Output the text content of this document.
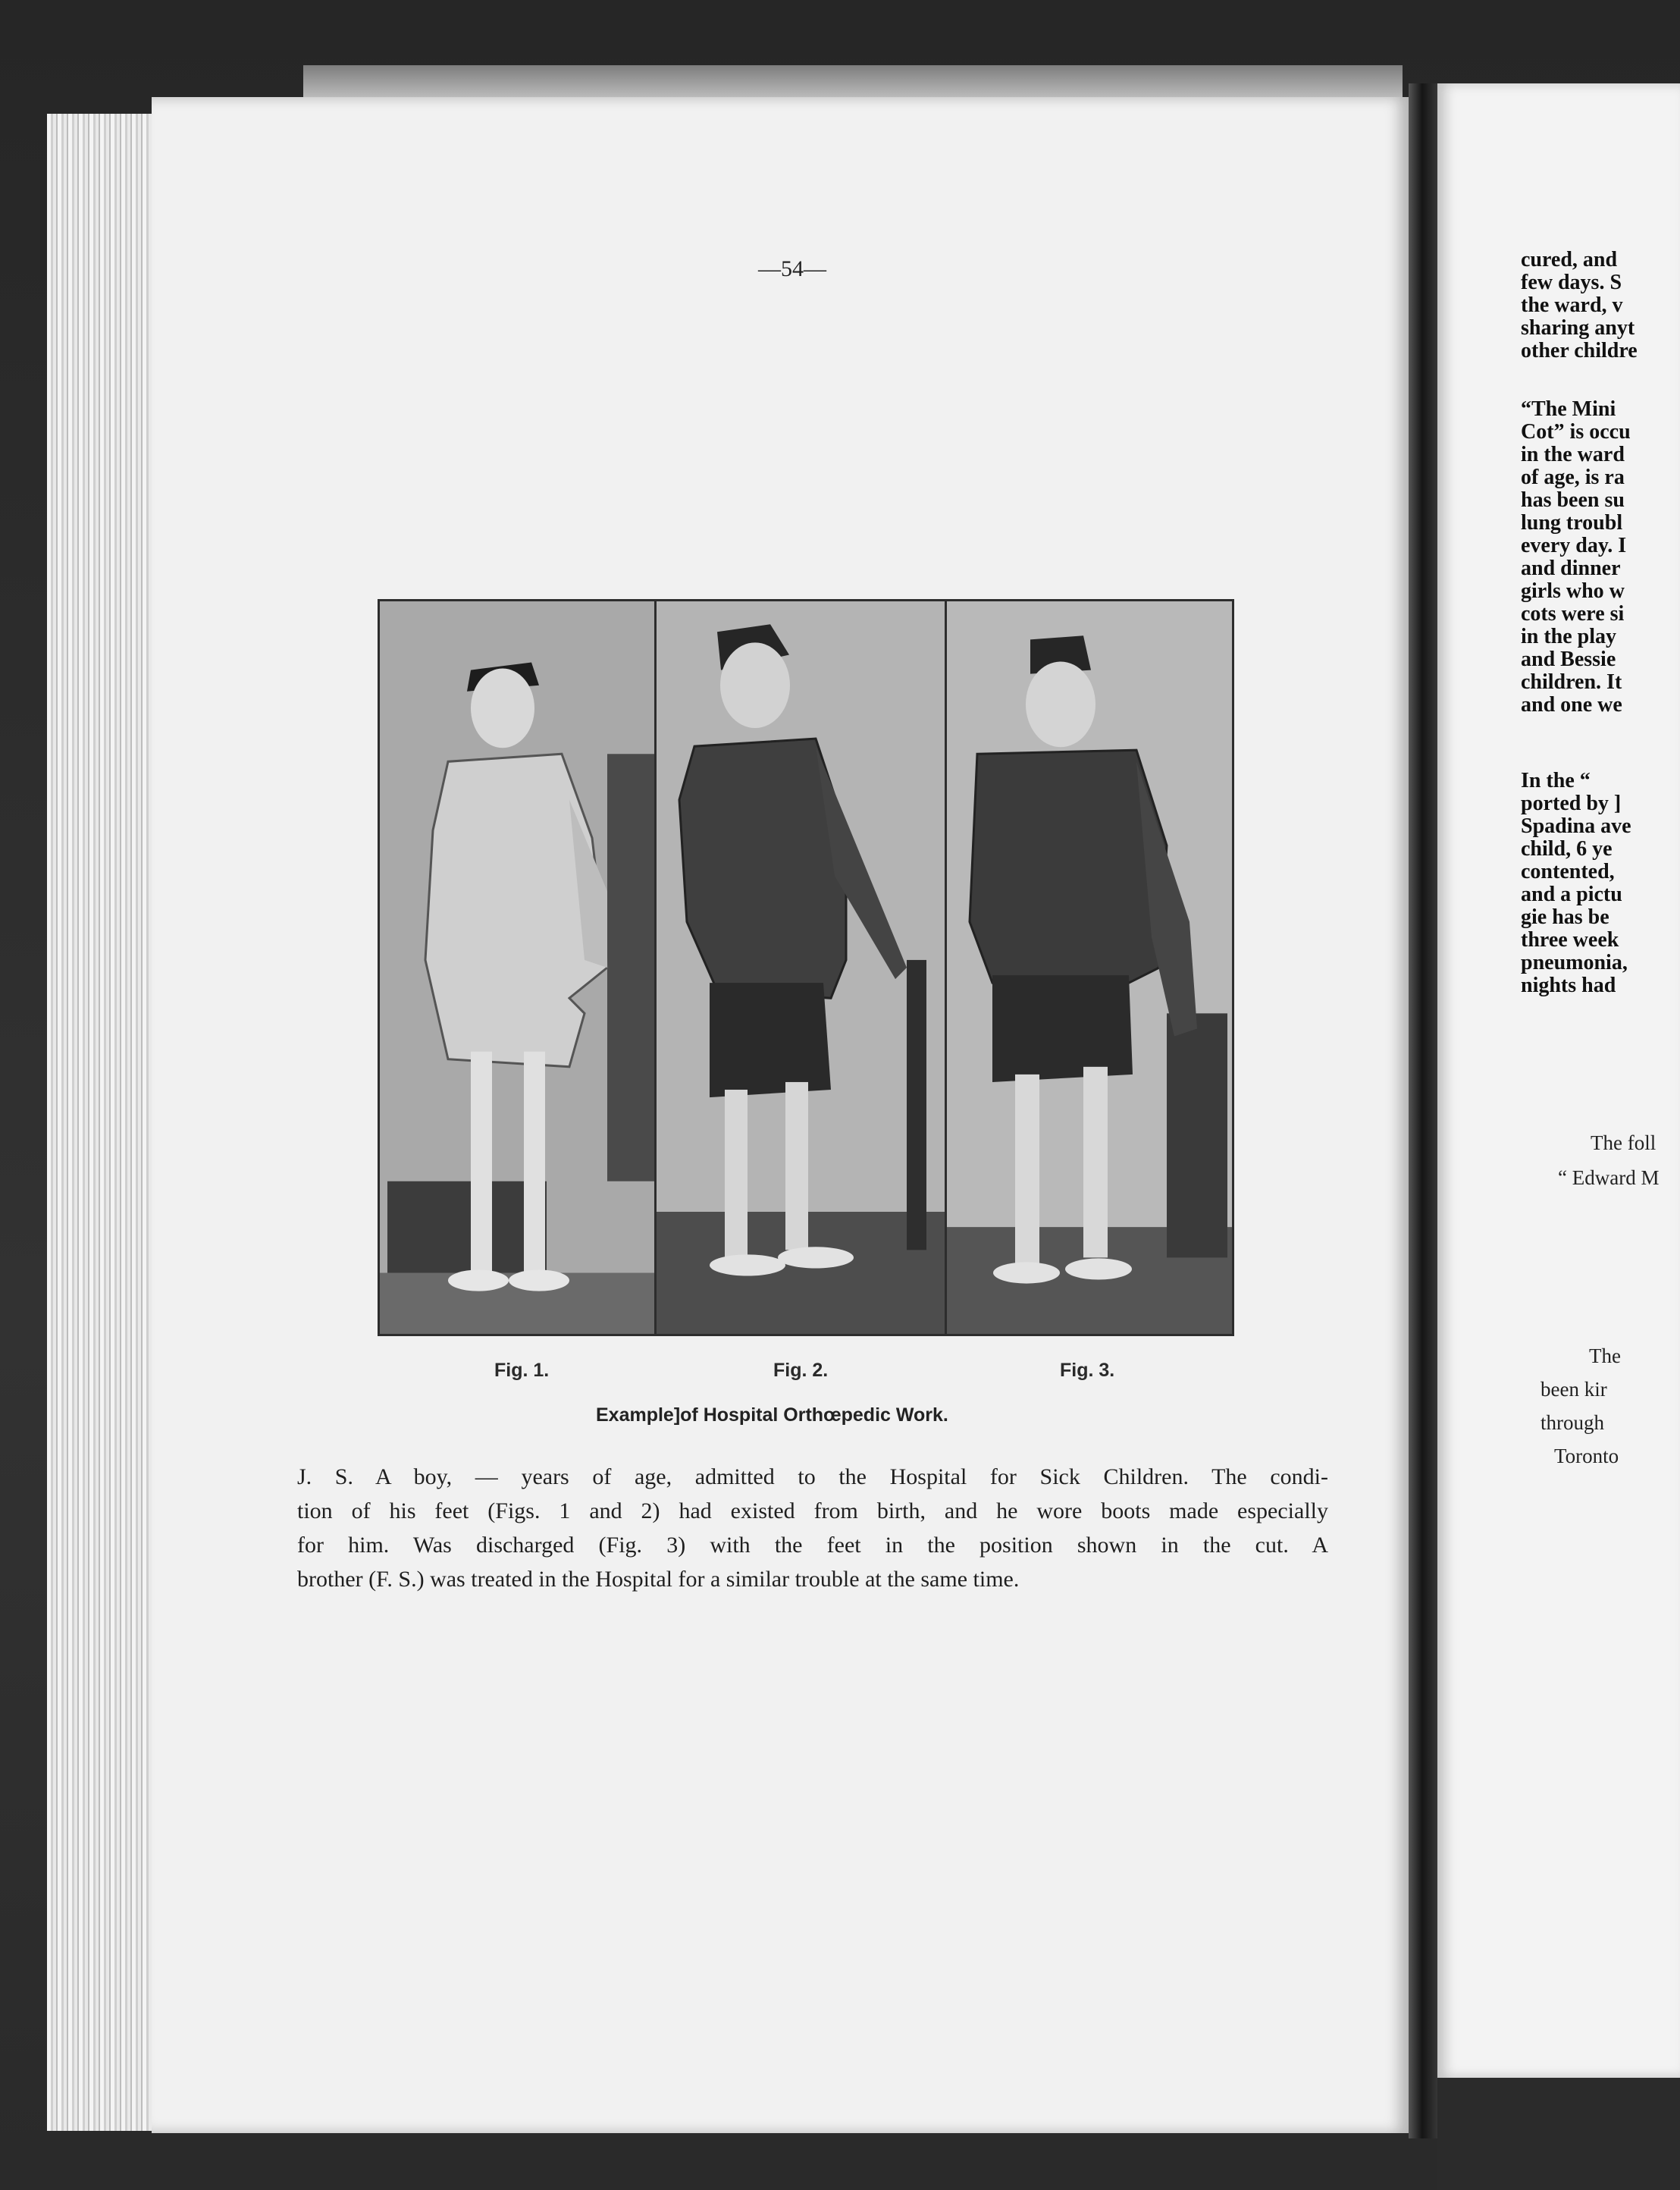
—54—
Fig. 1.	Fig. 2.	Fig. 3.
Example]of Hospital Orthœpedic Work.
J. S. A boy, — years of age, admitted to the Hospital for Sick Children. The condi-
tion of his feet (Figs. 1 and 2) had existed from birth, and he wore boots made especially
for him. Was discharged (Fig. 3) with the feet in the position shown in the cut. A
brother (F. S.) was treated in the Hospital for a similar trouble at the same time.
cured, and
few days. S
the ward, v
sharing anyt
other childre
“The Mini
Cot” is occu
in the ward
of age, is ra
has been su
lung troubl
every day. I
and dinner
girls who w
cots were si
in the play
and Bessie
children. It
and one we
In the “
ported by ]
Spadina ave
child, 6 ye
contented,
and a pictu
gie has be
three week
pneumonia,
nights had
The foll
“ Edward M
The
been kir
through
Toronto
